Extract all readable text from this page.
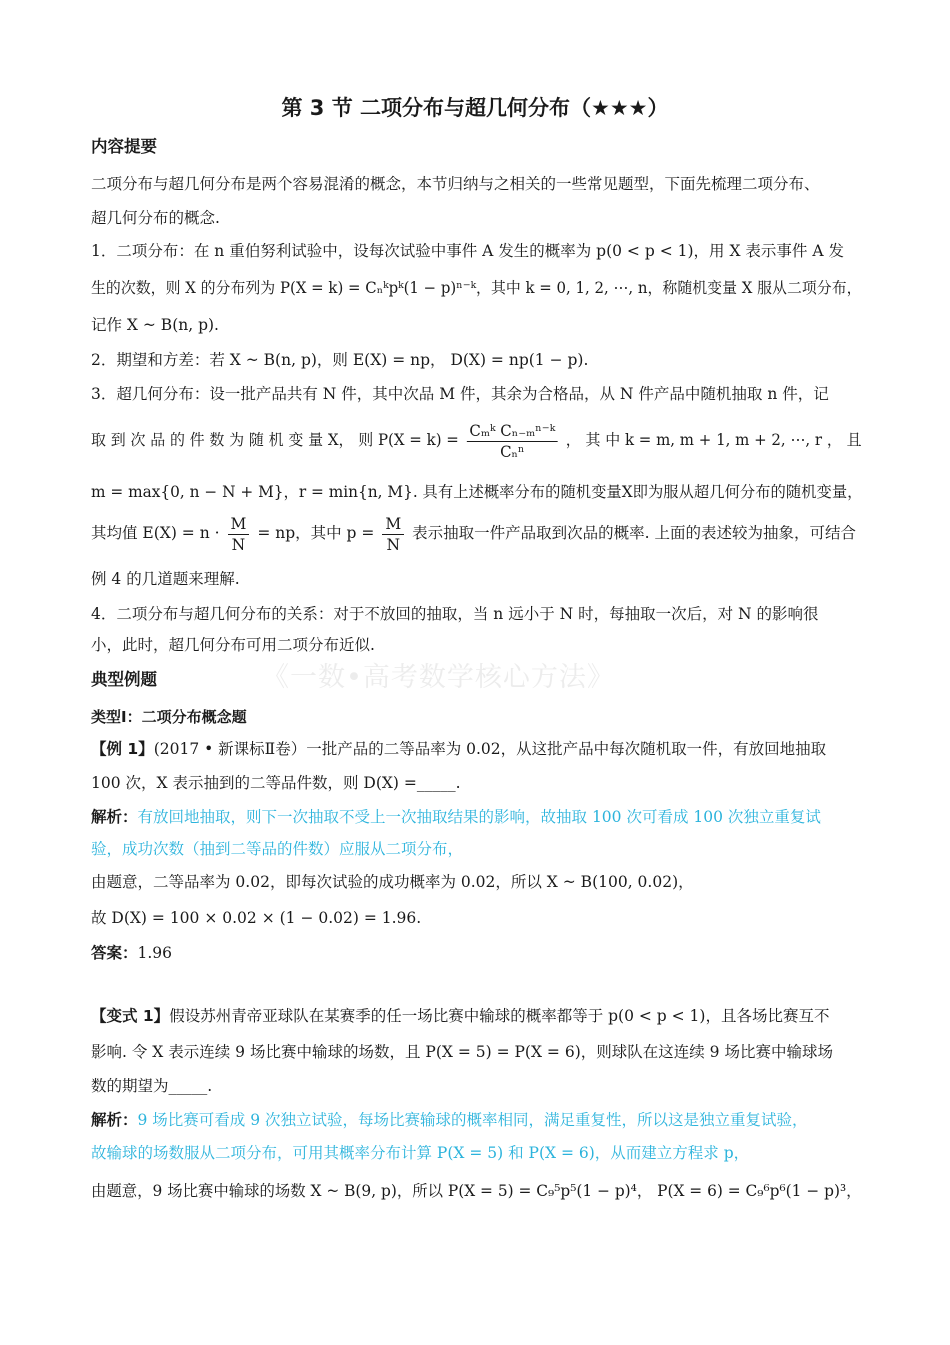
第 3 节 二项分布与超几何分布（★★★）
内容提要
二项分布与超几何分布是两个容易混淆的概念，本节归纳与之相关的一些常见题型，下面先梳理二项分布、
超几何分布的概念.
1．二项分布：在 n 重伯努利试验中，设每次试验中事件 A 发生的概率为 p(0 < p < 1)，用 X 表示事件 A 发
生的次数，则 X 的分布列为 P(X = k) = Cₙᵏpᵏ(1 − p)ⁿ⁻ᵏ，其中 k = 0, 1, 2, ⋯, n，称随机变量 X 服从二项分布，
记作 X ~ B(n, p).
2．期望和方差：若 X ~ B(n, p)，则 E(X) = np， D(X) = np(1 − p).
3．超几何分布：设一批产品共有 N 件，其中次品 M 件，其余为合格品，从 N 件产品中随机抽取 n 件，记
取 到 次 品 的 件 数 为 随 机 变 量 X， 则 $P(X = k) = \frac{\text{Cₘᵏ Cₙ₋ₘⁿ⁻ᵏ}}{\text{Cₙⁿ}}$ ， 其 中 k = m, m + 1, m + 2, ⋯, r ， 且
m = max{0, n − N + M}，r = min{n, M}. 具有上述概率分布的随机变量X即为服从超几何分布的随机变量，
其均值 $E(X) = n \cdot \frac{M}{N}$ = np，其中 $p = \frac{M}{N}$ 表示抽取一件产品取到次品的概率. 上面的表述较为抽象，可结合
例 4 的几道题来理解.
4．二项分布与超几何分布的关系：对于不放回的抽取，当 n 远小于 N 时，每抽取一次后，对 N 的影响很
小，此时，超几何分布可用二项分布近似.
《一数•高考数学核心方法》
典型例题
类型Ⅰ：二项分布概念题
【例 1】(2017 • 新课标Ⅱ卷）一批产品的二等品率为 0.02，从这批产品中每次随机取一件，有放回地抽取
100 次，X 表示抽到的二等品件数，则 D(X) =_____.
解析：有放回地抽取，则下一次抽取不受上一次抽取结果的影响，故抽取 100 次可看成 100 次独立重复试
验，成功次数（抽到二等品的件数）应服从二项分布，
由题意，二等品率为 0.02，即每次试验的成功概率为 0.02，所以 X ~ B(100, 0.02)，
故 D(X) = 100 × 0.02 × (1 − 0.02) = 1.96.
答案：1.96
【变式 1】假设苏州青帝亚球队在某赛季的任一场比赛中输球的概率都等于 p(0 < p < 1)，且各场比赛互不
影响. 令 X 表示连续 9 场比赛中输球的场数，且 P(X = 5) = P(X = 6)，则球队在这连续 9 场比赛中输球场
数的期望为_____.
解析：9 场比赛可看成 9 次独立试验，每场比赛输球的概率相同，满足重复性，所以这是独立重复试验，
故输球的场数服从二项分布，可用其概率分布计算 P(X = 5) 和 P(X = 6)，从而建立方程求 p，
由题意，9 场比赛中输球的场数 X ~ B(9, p)，所以 P(X = 5) = C₉⁵p⁵(1 − p)⁴， P(X = 6) = C₉⁶p⁶(1 − p)³，
